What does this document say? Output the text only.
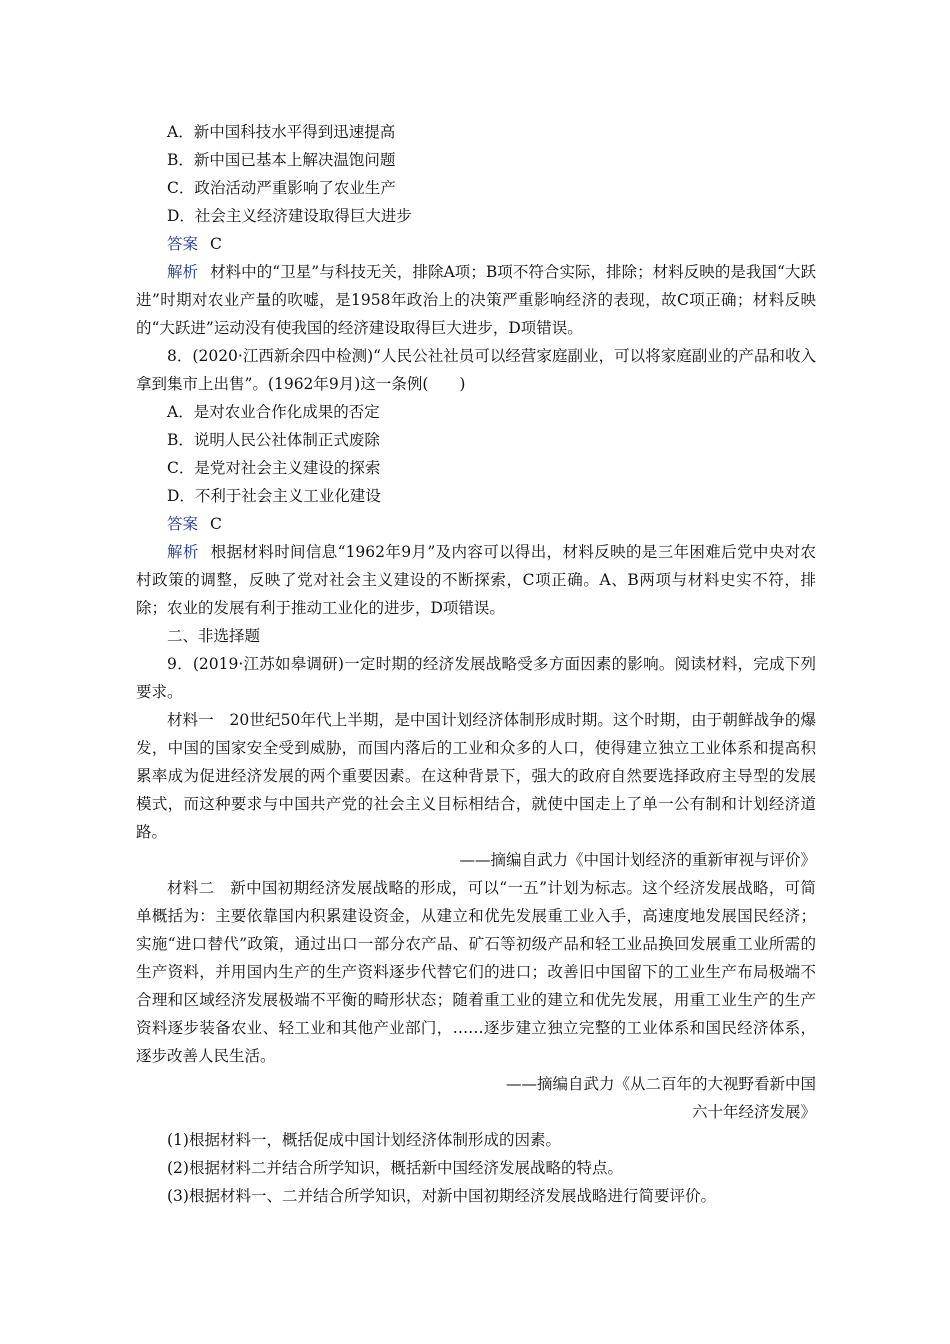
A．新中国科技水平得到迅速提高

B．新中国已基本上解决温饱问题

C．政治活动严重影响了农业生产

D．社会主义经济建设取得巨大进步

答案 C

解析 材料中的“卫星”与科技无关，排除A项；B项不符合实际，排除；材料反映的是我国“大跃进”时期对农业产量的吹嘘，是1958年政治上的决策严重影响经济的表现，故C项正确；材料反映的“大跃进”运动没有使我国的经济建设取得巨大进步，D项错误。

8．(2020·江西新余四中检测)“人民公社社员可以经营家庭副业，可以将家庭副业的产品和收入拿到集市上出售”。(1962年9月)这一条例(　　)

A．是对农业合作化成果的否定

B．说明人民公社体制正式废除

C．是党对社会主义建设的探索

D．不利于社会主义工业化建设

答案 C

解析 根据材料时间信息“1962年9月”及内容可以得出，材料反映的是三年困难后党中央对农村政策的调整，反映了党对社会主义建设的不断探索，C项正确。A、B两项与材料史实不符，排除；农业的发展有利于推动工业化的进步，D项错误。

二、非选择题

9．(2019·江苏如皋调研)一定时期的经济发展战略受多方面因素的影响。阅读材料，完成下列要求。

材料一　20世纪50年代上半期，是中国计划经济体制形成时期。这个时期，由于朝鲜战争的爆发，中国的国家安全受到威胁，而国内落后的工业和众多的人口，使得建立独立工业体系和提高积累率成为促进经济发展的两个重要因素。在这种背景下，强大的政府自然要选择政府主导型的发展模式，而这种要求与中国共产党的社会主义目标相结合，就使中国走上了单一公有制和计划经济道路。

——摘编自武力《中国计划经济的重新审视与评价》

材料二　新中国初期经济发展战略的形成，可以“一五”计划为标志。这个经济发展战略，可简单概括为：主要依靠国内积累建设资金，从建立和优先发展重工业入手，高速度地发展国民经济；实施“进口替代”政策，通过出口一部分农产品、矿石等初级产品和轻工业品换回发展重工业所需的生产资料，并用国内生产的生产资料逐步代替它们的进口；改善旧中国留下的工业生产布局极端不合理和区域经济发展极端不平衡的畸形状态；随着重工业的建立和优先发展，用重工业生产的生产资料逐步装备农业、轻工业和其他产业部门，……逐步建立独立完整的工业体系和国民经济体系，逐步改善人民生活。

——摘编自武力《从二百年的大视野看新中国

六十年经济发展》

(1)根据材料一，概括促成中国计划经济体制形成的因素。

(2)根据材料二并结合所学知识，概括新中国经济发展战略的特点。

(3)根据材料一、二并结合所学知识，对新中国初期经济发展战略进行简要评价。
